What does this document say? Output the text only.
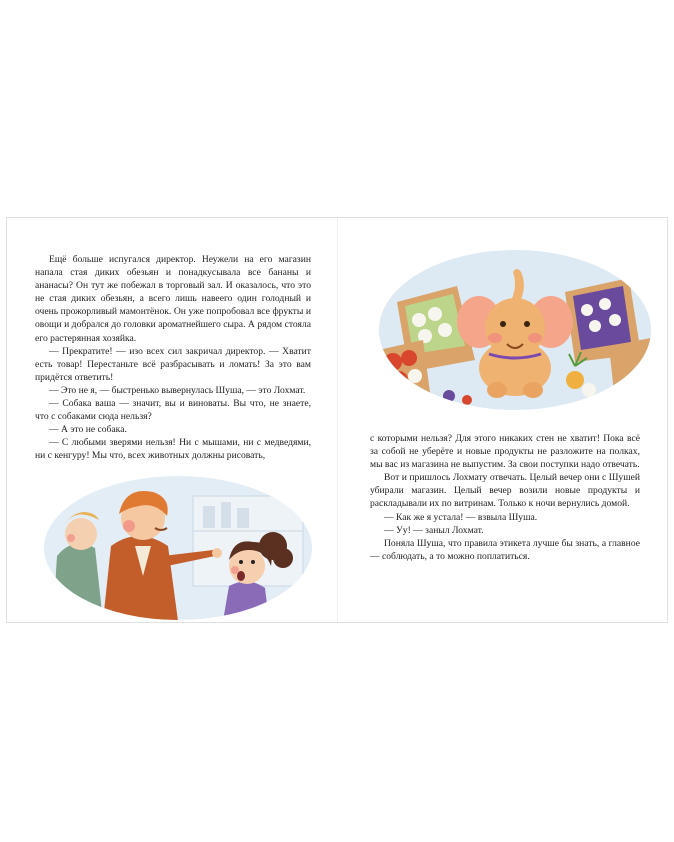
Ещё больше испугался директор. Неужели на его магазин напала стая диких обезьян и понадкусывала все бананы и ананасы? Он тут же побежал в торговый зал. И оказалось, что это не стая диких обезьян, а всего лишь навеего один голодный и очень прожорливый мамонтёнок. Он уже попробовал все фрукты и овощи и добрался до головки ароматнейшего сыра. А рядом стояла его растерянная хозяйка.

— Прекратите! — изо всех сил закричал директор. — Хватит есть товар! Перестаньте всё разбрасывать и ломать! За это вам придётся ответить!

— Это не я, — быстренько вывернулась Шуша, — это Лохмат.

— Собака ваша — значит, вы и виноваты. Вы что, не знаете, что с собаками сюда нельзя?

— А это не собака.

— С любыми зверями нельзя! Ни с мышами, ни с медведями, ни с кенгуру! Мы что, всех животных должны рисовать,

с которыми нельзя? Для этого никаких стен не хватит! Пока всё за собой не уберёте и новые продукты не разложите на полках, мы вас из магазина не выпустим. За свои поступки надо отвечать.

Вот и пришлось Лохмату отвечать. Целый вечер они с Шушей убирали магазин. Целый вечер возили новые продукты и раскладывали их по витринам. Только к ночи вернулись домой.

— Как же я устала! — взвыла Шуша.

— Уу! — заныл Лохмат.

Поняла Шуша, что правила этикета лучше бы знать, а главное — соблюдать, а то можно поплатиться.
